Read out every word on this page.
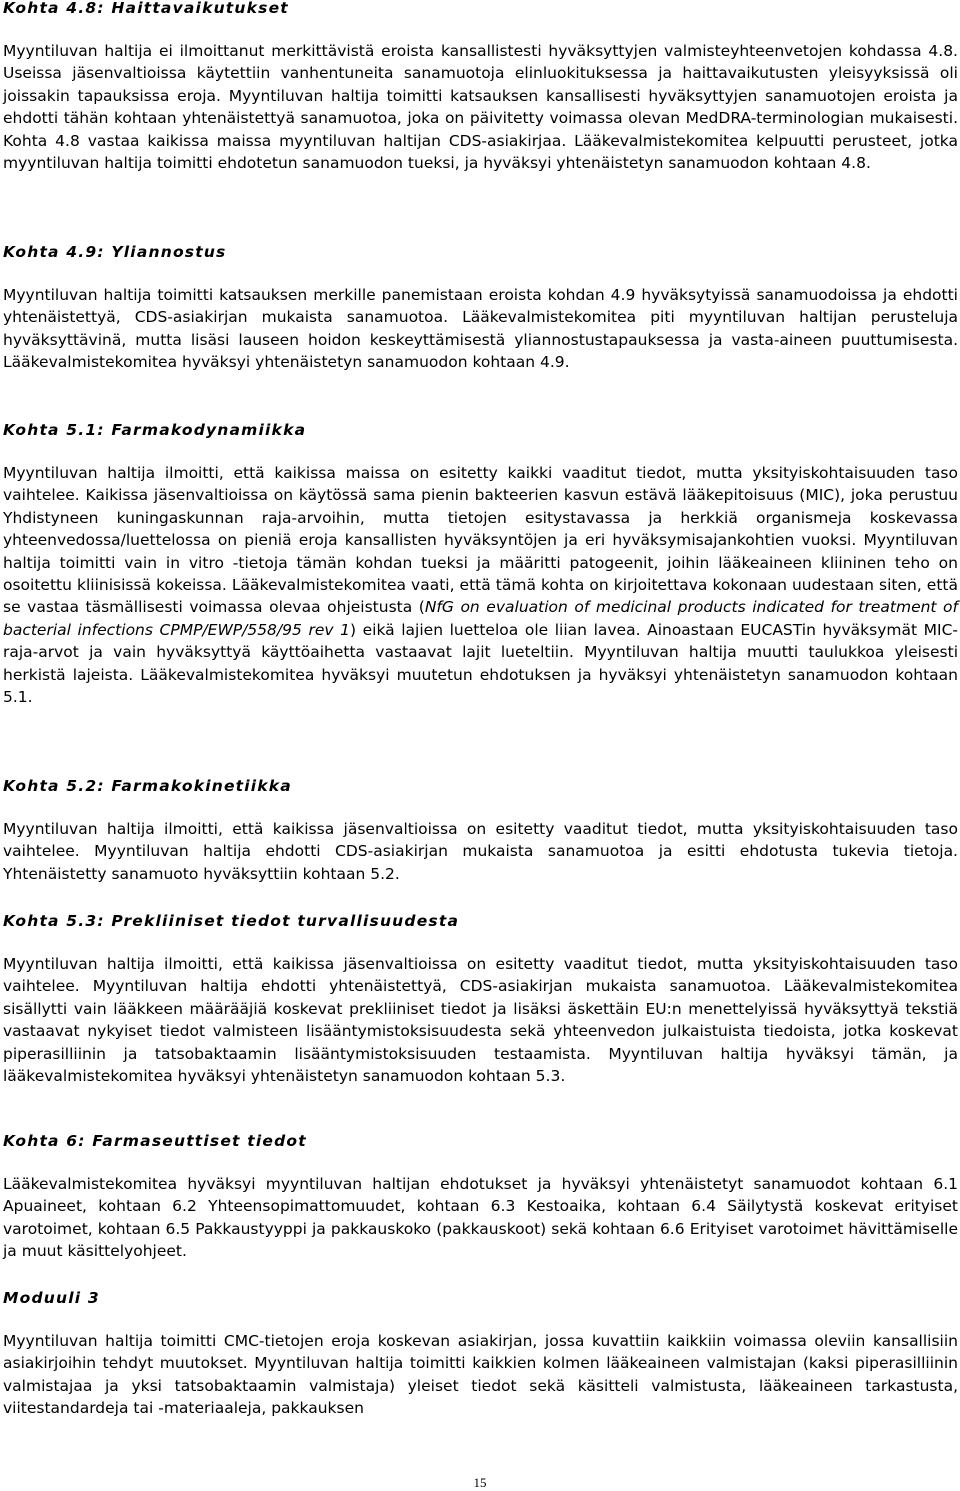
Kohta 4.8: Haittavaikutukset

Myyntiluvan haltija ei ilmoittanut merkittävistä eroista kansallistesti hyväksyttyjen valmisteyhteenvetojen kohdassa 4.8. Useissa jäsenvaltioissa käytettiin vanhentuneita sanamuotoja elinluokituksessa ja haittavaikutusten yleisyyksissä oli joissakin tapauksissa eroja. Myyntiluvan haltija toimitti katsauksen kansallisesti hyväksyttyjen sanamuotojen eroista ja ehdotti tähän kohtaan yhtenäistettyä sanamuotoa, joka on päivitetty voimassa olevan MedDRA-terminologian mukaisesti. Kohta 4.8 vastaa kaikissa maissa myyntiluvan haltijan CDS-asiakirjaa. Lääkevalmistekomitea kelpuutti perusteet, jotka myyntiluvan haltija toimitti ehdotetun sanamuodon tueksi, ja hyväksyi yhtenäistetyn sanamuodon kohtaan 4.8.

Kohta 4.9: Yliannostus

Myyntiluvan haltija toimitti katsauksen merkille panemistaan eroista kohdan 4.9 hyväksytyissä sanamuodoissa ja ehdotti yhtenäistettyä, CDS-asiakirjan mukaista sanamuotoa. Lääkevalmistekomitea piti myyntiluvan haltijan perusteluja hyväksyttävinä, mutta lisäsi lauseen hoidon keskeyttämisestä yliannostustapauksessa ja vasta-aineen puuttumisesta. Lääkevalmistekomitea hyväksyi yhtenäistetyn sanamuodon kohtaan 4.9.

Kohta 5.1: Farmakodynamiikka

Myyntiluvan haltija ilmoitti, että kaikissa maissa on esitetty kaikki vaaditut tiedot, mutta yksityiskohtaisuuden taso vaihtelee. Kaikissa jäsenvaltioissa on käytössä sama pienin bakteerien kasvun estävä lääkepitoisuus (MIC), joka perustuu Yhdistyneen kuningaskunnan raja-arvoihin, mutta tietojen esitystavassa ja herkkiä organismeja koskevassa yhteenvedossa/luettelossa on pieniä eroja kansallisten hyväksyntöjen ja eri hyväksymisajankohtien vuoksi. Myyntiluvan haltija toimitti vain in vitro -tietoja tämän kohdan tueksi ja määritti patogeenit, joihin lääkeaineen kliininen teho on osoitettu kliinisissä kokeissa. Lääkevalmistekomitea vaati, että tämä kohta on kirjoitettava kokonaan uudestaan siten, että se vastaa täsmällisesti voimassa olevaa ohjeistusta (NfG on evaluation of medicinal products indicated for treatment of bacterial infections CPMP/EWP/558/95 rev 1) eikä lajien luetteloa ole liian lavea. Ainoastaan EUCASTin hyväksymät MIC-raja-arvot ja vain hyväksyttyä käyttöaihetta vastaavat lajit lueteltiin. Myyntiluvan haltija muutti taulukkoa yleisesti herkistä lajeista. Lääkevalmistekomitea hyväksyi muutetun ehdotuksen ja hyväksyi yhtenäistetyn sanamuodon kohtaan 5.1.

Kohta 5.2: Farmakokinetiikka

Myyntiluvan haltija ilmoitti, että kaikissa jäsenvaltioissa on esitetty vaaditut tiedot, mutta yksityiskohtaisuuden taso vaihtelee. Myyntiluvan haltija ehdotti CDS-asiakirjan mukaista sanamuotoa ja esitti ehdotusta tukevia tietoja. Yhtenäistetty sanamuoto hyväksyttiin kohtaan 5.2.

Kohta 5.3: Prekliiniset tiedot turvallisuudesta

Myyntiluvan haltija ilmoitti, että kaikissa jäsenvaltioissa on esitetty vaaditut tiedot, mutta yksityiskohtaisuuden taso vaihtelee. Myyntiluvan haltija ehdotti yhtenäistettyä, CDS-asiakirjan mukaista sanamuotoa. Lääkevalmistekomitea sisällytti vain lääkkeen määrääjiä koskevat prekliiniset tiedot ja lisäksi äskettäin EU:n menettelyissä hyväksyttyä tekstiä vastaavat nykyiset tiedot valmisteen lisääntymistoksisuudesta sekä yhteenvedon julkaistuista tiedoista, jotka koskevat piperasilliinin ja tatsobaktaamin lisääntymistoksisuuden testaamista. Myyntiluvan haltija hyväksyi tämän, ja lääkevalmistekomitea hyväksyi yhtenäistetyn sanamuodon kohtaan 5.3.

Kohta 6: Farmaseuttiset tiedot

Lääkevalmistekomitea hyväksyi myyntiluvan haltijan ehdotukset ja hyväksyi yhtenäistetyt sanamuodot kohtaan 6.1 Apuaineet, kohtaan 6.2 Yhteensopimattomuudet, kohtaan 6.3 Kestoaika, kohtaan 6.4 Säilytystä koskevat erityiset varotoimet, kohtaan 6.5 Pakkaustyyppi ja pakkauskoko (pakkauskoot) sekä kohtaan 6.6 Erityiset varotoimet hävittämiselle ja muut käsittelyohjeet.

Moduuli 3

Myyntiluvan haltija toimitti CMC-tietojen eroja koskevan asiakirjan, jossa kuvattiin kaikkiin voimassa oleviin kansallisiin asiakirjoihin tehdyt muutokset. Myyntiluvan haltija toimitti kaikkien kolmen lääkeaineen valmistajan (kaksi piperasilliinin valmistajaa ja yksi tatsobaktaamin valmistaja) yleiset tiedot sekä käsitteli valmistusta, lääkeaineen tarkastusta, viitestandardeja tai -materiaaleja, pakkauksen

15
